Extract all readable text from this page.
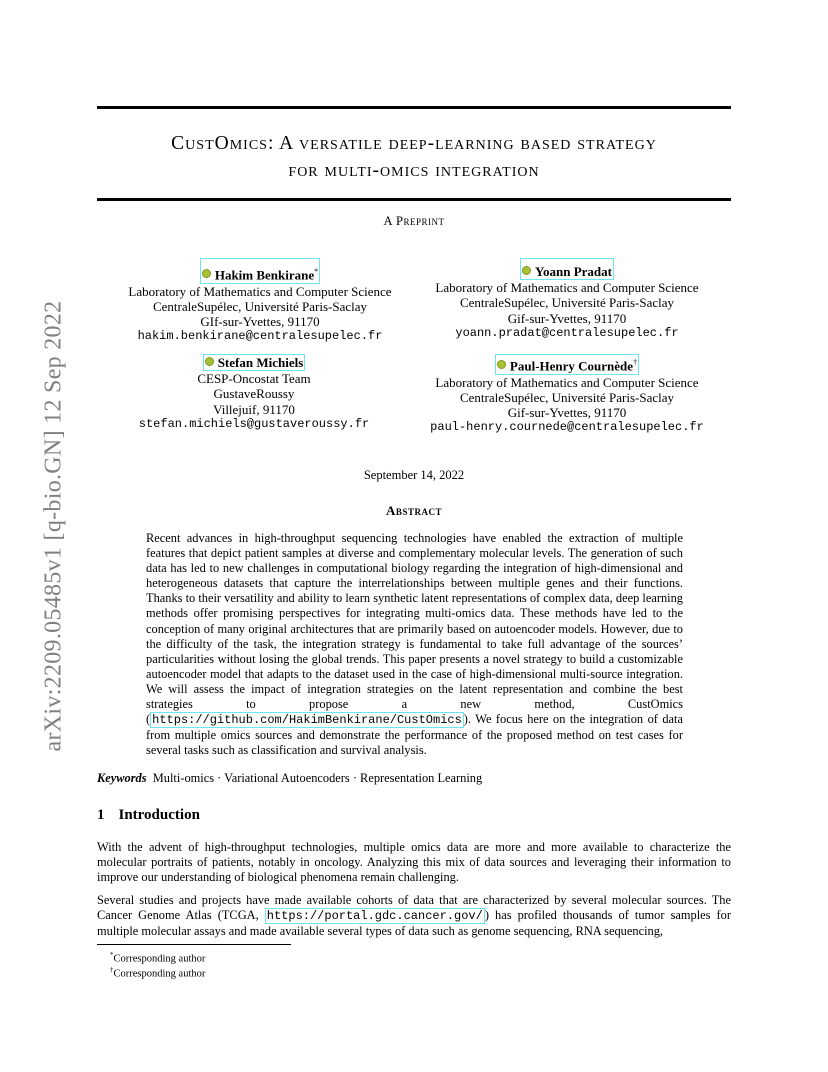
arXiv:2209.05485v1 [q-bio.GN] 12 Sep 2022
CustOmics: A versatile deep-learning based strategy
for multi-omics integration
A Preprint
Hakim Benkirane*
Laboratory of Mathematics and Computer Science
CentraleSupélec, Université Paris-Saclay
GIf-sur-Yvettes, 91170
hakim.benkirane@centralesupelec.fr
Yoann Pradat
Laboratory of Mathematics and Computer Science
CentraleSupélec, Université Paris-Saclay
Gif-sur-Yvettes, 91170
yoann.pradat@centralesupelec.fr
Stefan Michiels
CESP-Oncostat Team
GustaveRoussy
Villejuif, 91170
stefan.michiels@gustaveroussy.fr
Paul-Henry Cournède†
Laboratory of Mathematics and Computer Science
CentraleSupélec, Université Paris-Saclay
Gif-sur-Yvettes, 91170
paul-henry.cournede@centralesupelec.fr
September 14, 2022
Abstract
Recent advances in high-throughput sequencing technologies have enabled the extraction of multiple features that depict patient samples at diverse and complementary molecular levels. The generation of such data has led to new challenges in computational biology regarding the integration of high-dimensional and heterogeneous datasets that capture the interrelationships between multiple genes and their functions. Thanks to their versatility and ability to learn synthetic latent representations of complex data, deep learning methods offer promising perspectives for integrating multi-omics data. These methods have led to the conception of many original architectures that are primarily based on autoencoder models. However, due to the difficulty of the task, the integration strategy is fundamental to take full advantage of the sources’ particularities without losing the global trends. This paper presents a novel strategy to build a customizable autoencoder model that adapts to the dataset used in the case of high-dimensional multi-source integration. We will assess the impact of integration strategies on the latent representation and combine the best strategies to propose a new method, CustOmics ( https://github.com/HakimBenkirane/CustOmics ). We focus here on the integration of data from multiple omics sources and demonstrate the performance of the proposed method on test cases for several tasks such as classification and survival analysis.
Keywords Multi-omics · Variational Autoencoders · Representation Learning
1 Introduction
With the advent of high-throughput technologies, multiple omics data are more and more available to characterize the molecular portraits of patients, notably in oncology. Analyzing this mix of data sources and leveraging their information to improve our understanding of biological phenomena remain challenging.
Several studies and projects have made available cohorts of data that are characterized by several molecular sources. The Cancer Genome Atlas (TCGA, https://portal.gdc.cancer.gov/ ) has profiled thousands of tumor samples for multiple molecular assays and made available several types of data such as genome sequencing, RNA sequencing,
*Corresponding author
†Corresponding author
